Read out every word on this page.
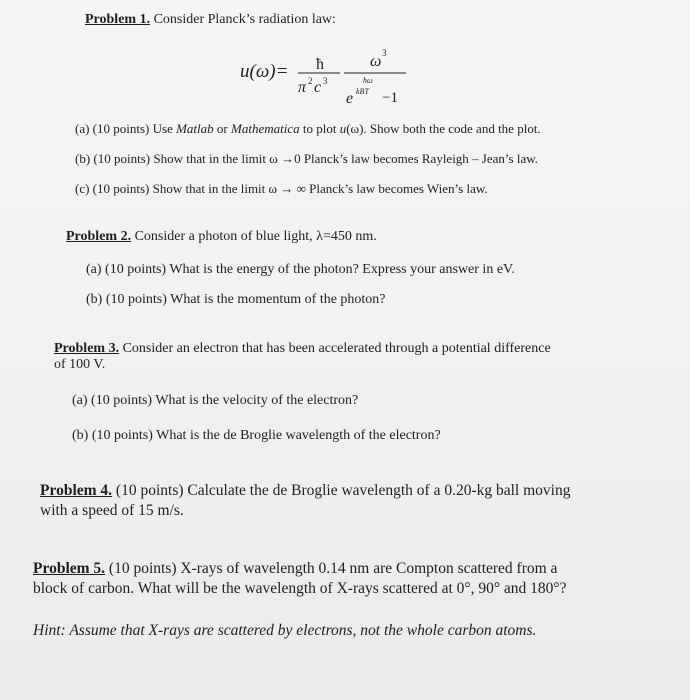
Problem 1. Consider Planck’s radiation law:
u(ω)= ħ
π 2 c 3
ω 3
ħω
e kBT −1
(a) (10 points) Use Matlab or Mathematica to plot u(ω). Show both the code and the plot.
(b) (10 points) Show that in the limit ω →0 Planck’s law becomes Rayleigh – Jean’s law.
(c) (10 points) Show that in the limit ω → ∞ Planck’s law becomes Wien’s law.
Problem 2. Consider a photon of blue light, λ=450 nm.
(a) (10 points) What is the energy of the photon? Express your answer in eV.
(b) (10 points) What is the momentum of the photon?
Problem 3. Consider an electron that has been accelerated through a potential difference
of 100 V.
(a) (10 points) What is the velocity of the electron?
(b) (10 points) What is the de Broglie wavelength of the electron?
Problem 4. (10 points) Calculate the de Broglie wavelength of a 0.20-kg ball moving
with a speed of 15 m/s.
Problem 5. (10 points) X-rays of wavelength 0.14 nm are Compton scattered from a
block of carbon. What will be the wavelength of X-rays scattered at 0°, 90° and 180°?
Hint: Assume that X-rays are scattered by electrons, not the whole carbon atoms.
